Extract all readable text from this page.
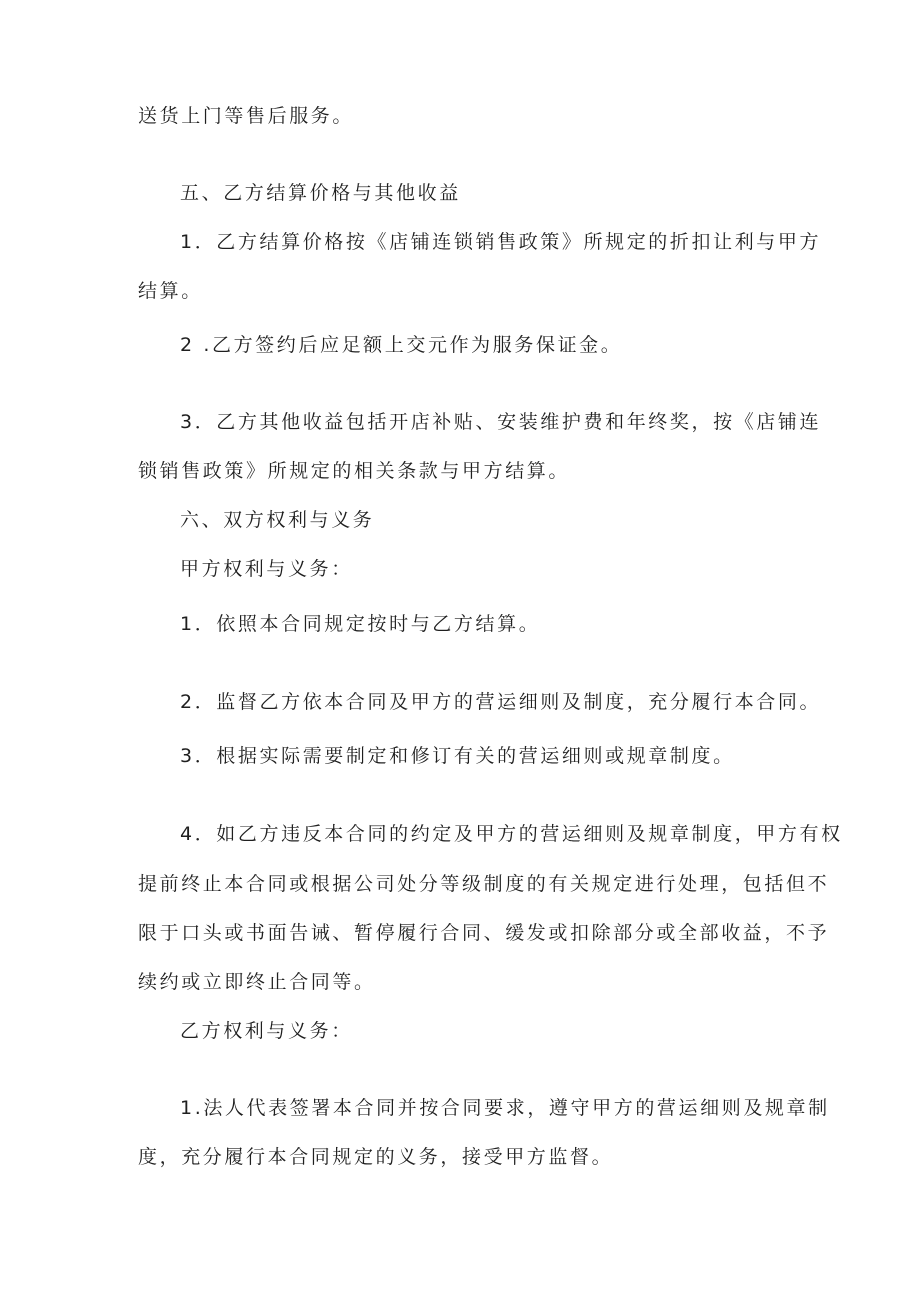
送货上门等售后服务。
五、乙方结算价格与其他收益
1．乙方结算价格按《店铺连锁销售政策》所规定的折扣让利与甲方
结算。
2 .乙方签约后应足额上交元作为服务保证金。
3．乙方其他收益包括开店补贴、安装维护费和年终奖，按《店铺连
锁销售政策》所规定的相关条款与甲方结算。
六、双方权利与义务
甲方权利与义务：
1．依照本合同规定按时与乙方结算。
2．监督乙方依本合同及甲方的营运细则及制度，充分履行本合同。
3．根据实际需要制定和修订有关的营运细则或规章制度。
4．如乙方违反本合同的约定及甲方的营运细则及规章制度，甲方有权
提前终止本合同或根据公司处分等级制度的有关规定进行处理，包括但不
限于口头或书面告诫、暂停履行合同、缓发或扣除部分或全部收益，不予
续约或立即终止合同等。
乙方权利与义务：
1.法人代表签署本合同并按合同要求，遵守甲方的营运细则及规章制
度，充分履行本合同规定的义务，接受甲方监督。
